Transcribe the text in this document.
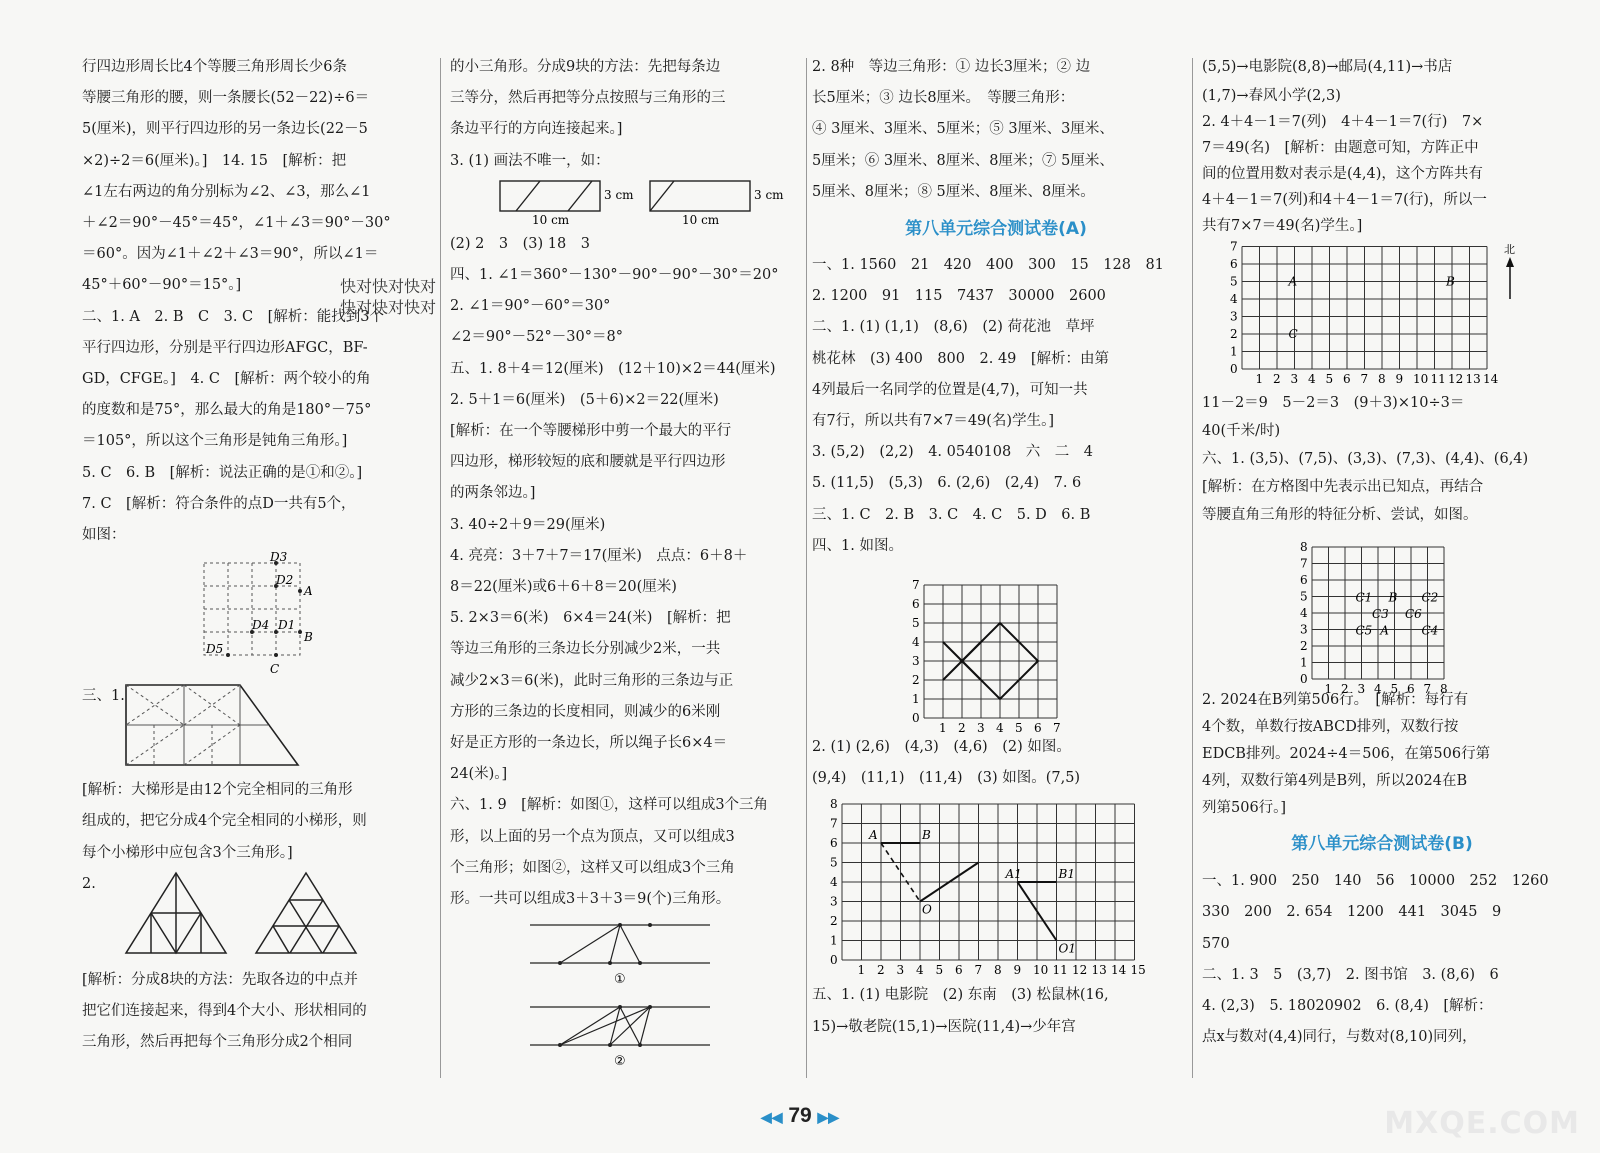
行四边形周长比4个等腰三角形周长少6条

等腰三角形的腰，则一条腰长(52－22)÷6＝

5(厘米)，则平行四边形的另一条边长(22－5

×2)÷2＝6(厘米)。]　14. 15　[解析：把

∠1左右两边的角分别标为∠2、∠3，那么∠1

＋∠2＝90°－45°＝45°，∠1＋∠3＝90°－30°

＝60°。因为∠1＋∠2＋∠3＝90°，所以∠1＝

45°＋60°－90°＝15°。]

二、1. A　2. B　C　3. C　[解析：能找到3个

平行四边形，分别是平行四边形AFGC，BF-

GD，CFGE。]　4. C　[解析：两个较小的角

的度数和是75°，那么最大的角是180°－75°

＝105°，所以这个三角形是钝角三角形。]

5. C　6. B　[解析：说法正确的是①和②。]

7. C　[解析：符合条件的点D一共有5个，

如图：

D3
D2
A
D4 D1
B
D5
C

三、1.

[解析：大梯形是由12个完全相同的三角形

组成的，把它分成4个完全相同的小梯形，则

每个小梯形中应包含3个三角形。]

2.

[解析：分成8块的方法：先取各边的中点并

把它们连接起来，得到4个大小、形状相同的

三角形，然后再把每个三角形分成2个相同

的小三角形。分成9块的方法：先把每条边

三等分，然后再把等分点按照与三角形的三

条边平行的方向连接起来。]

3. (1) 画法不唯一，如：

3 cm
10 cm
3 cm
10 cm

(2) 2　3　(3) 18　3

四、1. ∠1＝360°－130°－90°－90°－30°＝20°

2. ∠1＝90°－60°＝30°

∠2＝90°－52°－30°＝8°

五、1. 8＋4＝12(厘米)　(12＋10)×2＝44(厘米)

2. 5＋1＝6(厘米)　(5＋6)×2＝22(厘米)

[解析：在一个等腰梯形中剪一个最大的平行

四边形，梯形较短的底和腰就是平行四边形

的两条邻边。]

3. 40÷2＋9＝29(厘米)

4. 亮亮：3＋7＋7＝17(厘米)　点点：6＋8＋

8＝22(厘米)或6＋6＋8＝20(厘米)

5. 2×3＝6(米)　6×4＝24(米)　[解析：把

等边三角形的三条边长分别减少2米，一共

减少2×3＝6(米)，此时三角形的三条边与正

方形的三条边的长度相同，则减少的6米刚

好是正方形的一条边长，所以绳子长6×4＝

24(米)。]

六、1. 9　[解析：如图①，这样可以组成3个三角

形，以上面的另一个点为顶点，又可以组成3

个三角形；如图②，这样又可以组成3个三角

形。一共可以组成3＋3＋3＝9(个)三角形。

①
②

2. 8种　等边三角形：① 边长3厘米；② 边

长5厘米；③ 边长8厘米。　等腰三角形：

④ 3厘米、3厘米、5厘米；⑤ 3厘米、3厘米、

5厘米；⑥ 3厘米、8厘米、8厘米；⑦ 5厘米、

5厘米、8厘米；⑧ 5厘米、8厘米、8厘米。

第八单元综合测试卷(A)

一、1. 1560　21　420　400　300　15　128　81

2. 1200　91　115　7437　30000　2600

二、1. (1) (1,1)　(8,6)　(2) 荷花池　草坪

桃花林　(3) 400　800　2. 49　[解析：由第

4列最后一名同学的位置是(4,7)，可知一共

有7行，所以共有7×7＝49(名)学生。]

3. (5,2)　(2,2)　4. 0540108　六　二　4

5. (11,5)　(5,3)　6. (2,6)　(2,4)　7. 6

三、1. C　2. B　3. C　4. C　5. D　6. B

四、1. 如图。

0
1
2
3
4
5
6
7
1 2 3 4 5 6 7

2. (1) (2,6)　(4,3)　(4,6)　(2) 如图。

(9,4)　(11,1)　(11,4)　(3) 如图。(7,5)

0
1
2
3
4
5
6
7
8
1 2 3 4 5 6 7 8 9 10 11 12 13 14 15
A	B
O
A1	B1
O1

五、1. (1) 电影院　(2) 东南　(3) 松鼠林(16,

15)→敬老院(15,1)→医院(11,4)→少年宫

(5,5)→电影院(8,8)→邮局(4,11)→书店

(1,7)→春风小学(2,3)

2. 4＋4－1＝7(列)　4＋4－1＝7(行)　7×

7＝49(名)　[解析：由题意可知，方阵正中

间的位置用数对表示是(4,4)，这个方阵共有

4＋4－1＝7(列)和4＋4－1＝7(行)，所以一

共有7×7＝49(名)学生。]

0
1
2
3
4
5
6
7
1 2 3 4 5 6 7 8 9 10 11 12 13 14
A	B
C
北

11－2＝9　5－2＝3　(9＋3)×10÷3＝

40(千米/时)

六、1. (3,5)、(7,5)、(3,3)、(7,3)、(4,4)、(6,4)

[解析：在方格图中先表示出已知点，再结合

等腰直角三角形的特征分析、尝试，如图。

0
1
2
3
4
5
6
7
8
1 2 3 4 5 6 7 8
C1 B C2
C3 C6
C5 A	C4

2. 2024在B列第506行。　[解析：每行有

4个数，单数行按ABCD排列，双数行按

EDCB排列。2024÷4＝506，在第506行第

4列，双数行第4列是B列，所以2024在B

列第506行。]

第八单元综合测试卷(B)

一、1. 900　250　140　56　10000　252　1260

330　200　2. 654　1200　441　3045　9

570

二、1. 3　5　(3,7)　2. 图书馆　3. (8,6)　6

4. (2,3)　5. 18020902　6. (8,4)　[解析：

点x与数对(4,4)同行，与数对(8,10)同列，

快对快对快对
快对快对快对
◀◀ 79 ▶▶	MXQE.COM
